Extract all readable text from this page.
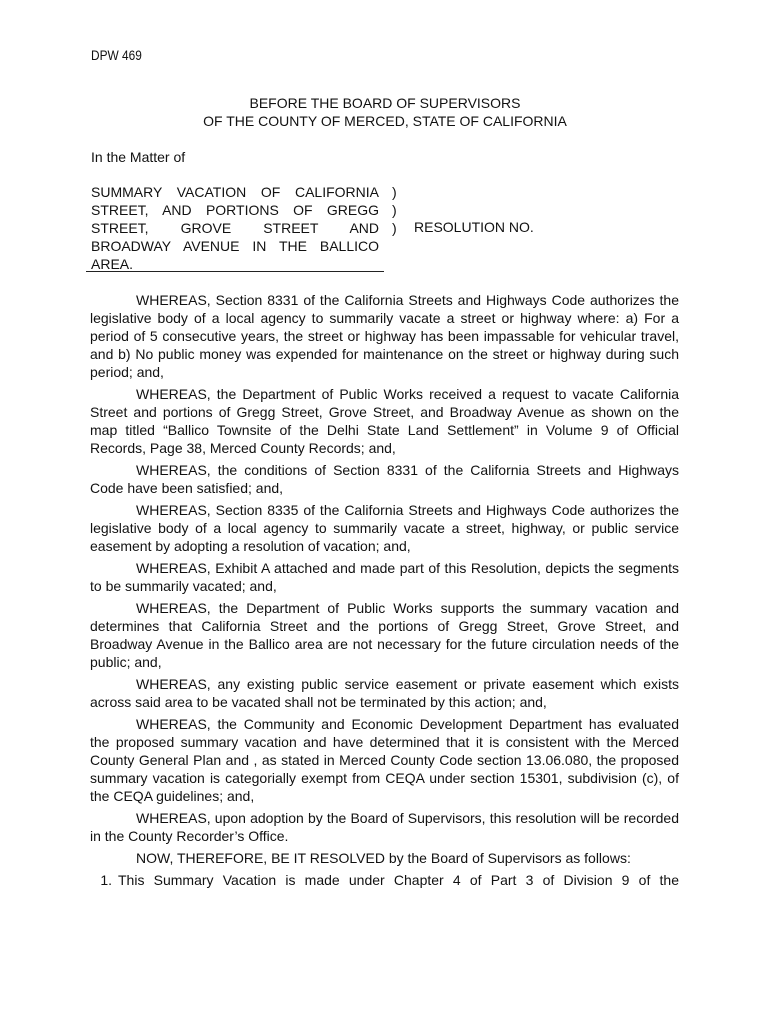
DPW 469
BEFORE THE BOARD OF SUPERVISORS
OF THE COUNTY OF MERCED, STATE OF CALIFORNIA
In the Matter of
SUMMARY VACATION OF CALIFORNIA
STREET, AND PORTIONS OF GREGG
STREET, GROVE STREET AND
BROADWAY AVENUE IN THE BALLICO
AREA.
)
)
) RESOLUTION NO.

WHEREAS, Section 8331 of the California Streets and Highways Code authorizes the legislative body of a local agency to summarily vacate a street or highway where: a) For a period of 5 consecutive years, the street or highway has been impassable for vehicular travel, and b) No public money was expended for maintenance on the street or highway during such period; and,

WHEREAS, the Department of Public Works received a request to vacate California Street and portions of Gregg Street, Grove Street, and Broadway Avenue as shown on the map titled “Ballico Townsite of the Delhi State Land Settlement” in Volume 9 of Official Records, Page 38, Merced County Records; and,

WHEREAS, the conditions of Section 8331 of the California Streets and Highways Code have been satisfied; and,

WHEREAS, Section 8335 of the California Streets and Highways Code authorizes the legislative body of a local agency to summarily vacate a street, highway, or public service easement by adopting a resolution of vacation; and,

WHEREAS, Exhibit A attached and made part of this Resolution, depicts the segments to be summarily vacated; and,

WHEREAS, the Department of Public Works supports the summary vacation and determines that California Street and the portions of Gregg Street, Grove Street, and Broadway Avenue in the Ballico area are not necessary for the future circulation needs of the public; and,

WHEREAS, any existing public service easement or private easement which exists across said area to be vacated shall not be terminated by this action; and,

WHEREAS, the Community and Economic Development Department has evaluated the proposed summary vacation and have determined that it is consistent with the Merced County General Plan and , as stated in Merced County Code section 13.06.080, the proposed summary vacation is categorially exempt from CEQA under section 15301, subdivision (c), of the CEQA guidelines; and,

WHEREAS, upon adoption by the Board of Supervisors, this resolution will be recorded in the County Recorder’s Office.

NOW, THEREFORE, BE IT RESOLVED by the Board of Supervisors as follows:

1. This Summary Vacation is made under Chapter 4 of Part 3 of Division 9 of the
